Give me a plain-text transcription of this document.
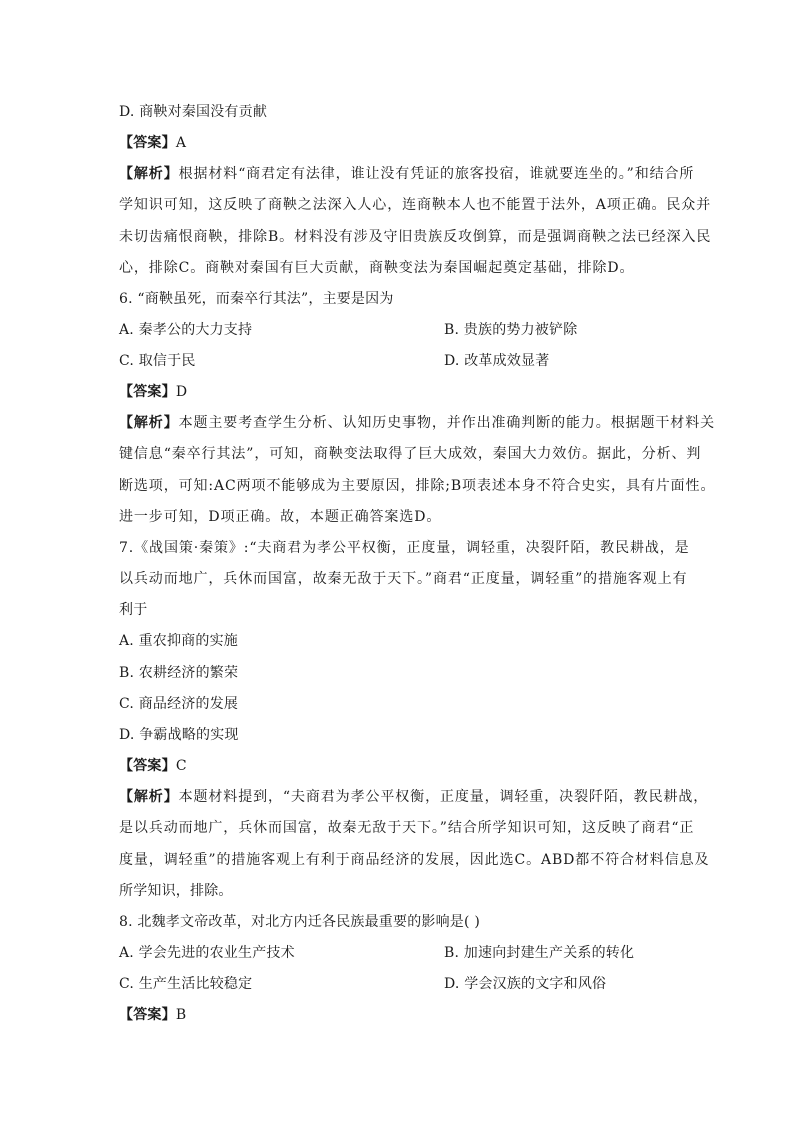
D. 商鞅对秦国没有贡献
【答案】A
【解析】根据材料“商君定有法律，谁让没有凭证的旅客投宿，谁就要连坐的。”和结合所
学知识可知，这反映了商鞅之法深入人心，连商鞅本人也不能置于法外，A项正确。民众并
未切齿痛恨商鞅，排除B。材料没有涉及守旧贵族反攻倒算，而是强调商鞅之法已经深入民
心，排除C。商鞅对秦国有巨大贡献，商鞅变法为秦国崛起奠定基础，排除D。
6. “商鞅虽死，而秦卒行其法”，主要是因为
A. 秦孝公的大力支持	B. 贵族的势力被铲除
C. 取信于民	D. 改革成效显著
【答案】D
【解析】本题主要考查学生分析、认知历史事物，并作出准确判断的能力。根据题干材料关
键信息“秦卒行其法”，可知，商鞅变法取得了巨大成效，秦国大力效仿。据此，分析、判
断选项，可知:AC两项不能够成为主要原因，排除;B项表述本身不符合史实，具有片面性。
进一步可知，D项正确。故，本题正确答案选D。
7.《战国策·秦策》:“夫商君为孝公平权衡，正度量，调轻重，决裂阡陌，教民耕战，是
以兵动而地广，兵休而国富，故秦无敌于天下。”商君“正度量，调轻重”的措施客观上有
利于
A. 重农抑商的实施
B. 农耕经济的繁荣
C. 商品经济的发展
D. 争霸战略的实现
【答案】C
【解析】本题材料提到，“夫商君为孝公平权衡，正度量，调轻重，决裂阡陌，教民耕战，
是以兵动而地广，兵休而国富，故秦无敌于天下。”结合所学知识可知，这反映了商君“正
度量，调轻重”的措施客观上有利于商品经济的发展，因此选C。ABD都不符合材料信息及
所学知识，排除。
8. 北魏孝文帝改革，对北方内迁各民族最重要的影响是( )
A. 学会先进的农业生产技术	B. 加速向封建生产关系的转化
C. 生产生活比较稳定	D. 学会汉族的文字和风俗
【答案】B
